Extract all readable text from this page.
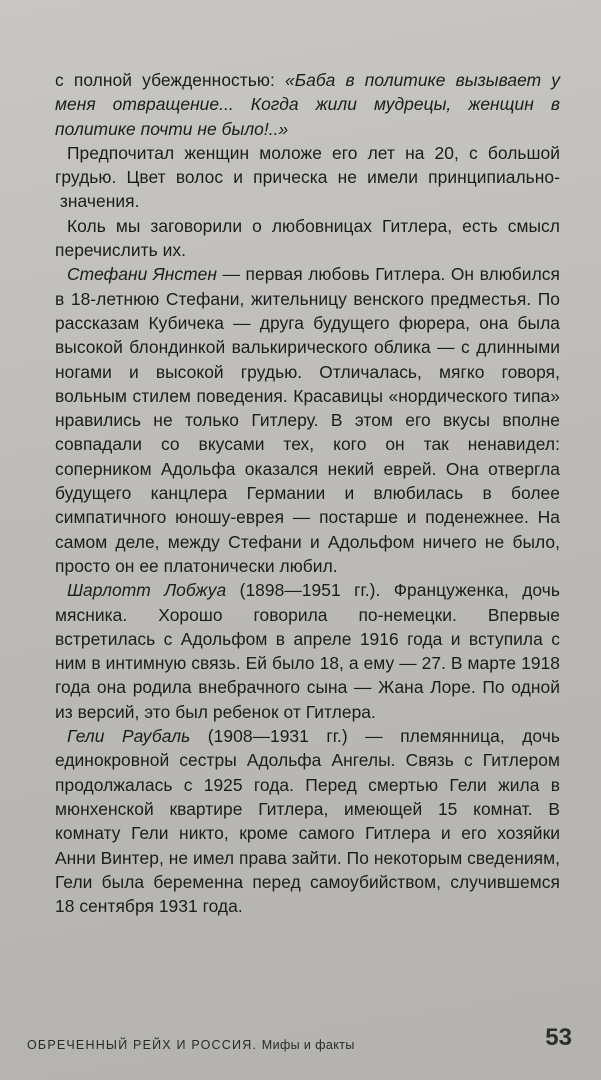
с полной убежденностью: «Баба в политике вызывает у меня отвращение... Когда жили мудрецы, женщин в политике почти не было!..»

Предпочитал женщин моложе его лет на 20, с большой грудью. Цвет волос и прическа не имели принципиально- значения.

Коль мы заговорили о любовницах Гитлера, есть смысл перечислить их.

Стефани Янстен — первая любовь Гитлера. Он влюбился в 18-летнюю Стефани, жительницу венского предместья. По рассказам Кубичека — друга будущего фюрера, она была высокой блондинкой валькирического облика — с длинными ногами и высокой грудью. Отличалась, мягко говоря, вольным стилем поведения. Красавицы «нордического типа» нравились не только Гитлеру. В этом его вкусы вполне совпадали со вкусами тех, кого он так ненавидел: соперником Адольфа оказался некий еврей. Она отвергла будущего канцлера Германии и влюбилась в более симпатичного юношу-еврея — постарше и поденежнее. На самом деле, между Стефани и Адольфом ничего не было, просто он ее платонически любил.

Шарлотт Лобжуа (1898—1951 гг.). Француженка, дочь мясника. Хорошо говорила по-немецки. Впервые встретилась с Адольфом в апреле 1916 года и вступила с ним в интимную связь. Ей было 18, а ему — 27. В марте 1918 года она родила внебрачного сына — Жана Лоре. По одной из версий, это был ребенок от Гитлера.

Гели Раубаль (1908—1931 гг.) — племянница, дочь единокровной сестры Адольфа Ангелы. Связь с Гитлером продолжалась с 1925 года. Перед смертью Гели жила в мюнхенской квартире Гитлера, имеющей 15 комнат. В комнату Гели никто, кроме самого Гитлера и его хозяйки Анни Винтер, не имел права зайти. По некоторым сведениям, Гели была беременна перед самоубийством, случившемся 18 сентября 1931 года.

ОБРЕЧЕННЫЙ РЕЙХ И РОССИЯ. Мифы и факты	53
